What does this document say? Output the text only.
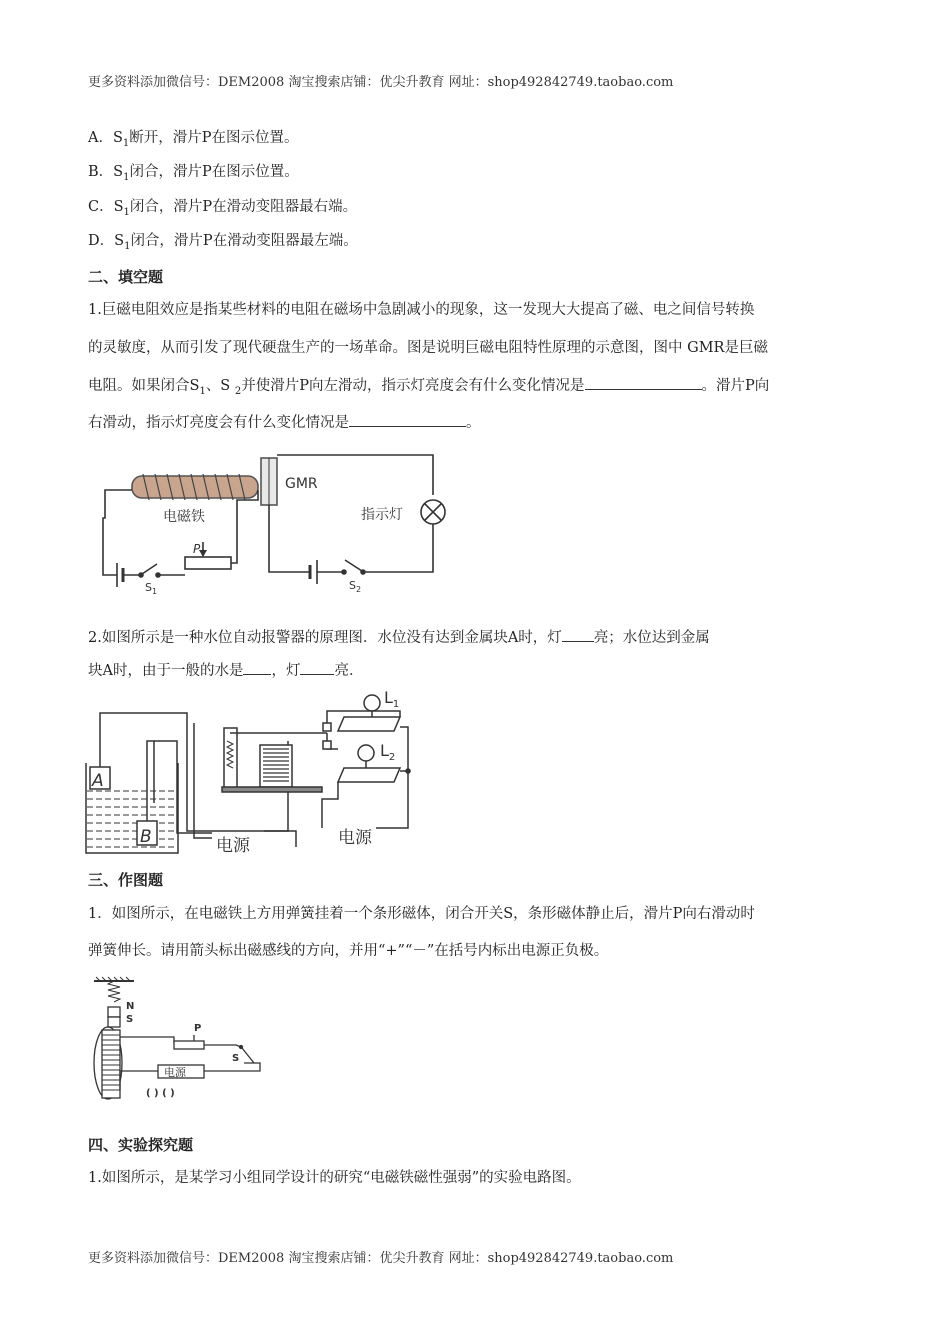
更多资料添加微信号：DEM2008 淘宝搜索店铺：优尖升教育 网址：shop492842749.taobao.com
A．$S_1$断开，滑片P在图示位置。
B．$S_1$闭合，滑片P在图示位置。
C．$S_1$闭合，滑片P在滑动变阻器最右端。
D．$S_1$闭合，滑片P在滑动变阻器最左端。
二、填空题
1.巨磁电阻效应是指某些材料的电阻在磁场中急剧减小的现象，这一发现大大提高了磁、电之间信号转换
的灵敏度，从而引发了现代硬盘生产的一场革命。图是说明巨磁电阻特性原理的示意图，图中 GMR是巨磁
电阻。如果闭合$S_1$、S $_2$并使滑片P向左滑动，指示灯亮度会有什么变化情况是	。滑片P向
右滑动，指示灯亮度会有什么变化情况是	。
电磁铁
GMR
指示灯
P
$S_1$	$S_2$
2.如图所示是一种水位自动报警器的原理图．水位没有达到金属块A时，灯 亮；水位达到金属
块A时，由于一般的水是 ，灯 亮．
A
B	电源	电源
$L_1$
$L_2$
三、作图题
1．如图所示，在电磁铁上方用弹簧挂着一个条形磁体，闭合开关S，条形磁体静止后，滑片P向右滑动时
弹簧伸长。请用箭头标出磁感线的方向，并用“+”“－”在括号内标出电源正负极。
N
S
P
S
电源
( ) ( )
四、实验探究题
1.如图所示，是某学习小组同学设计的研究“电磁铁磁性强弱”的实验电路图。
更多资料添加微信号：DEM2008 淘宝搜索店铺：优尖升教育 网址：shop492842749.taobao.com
